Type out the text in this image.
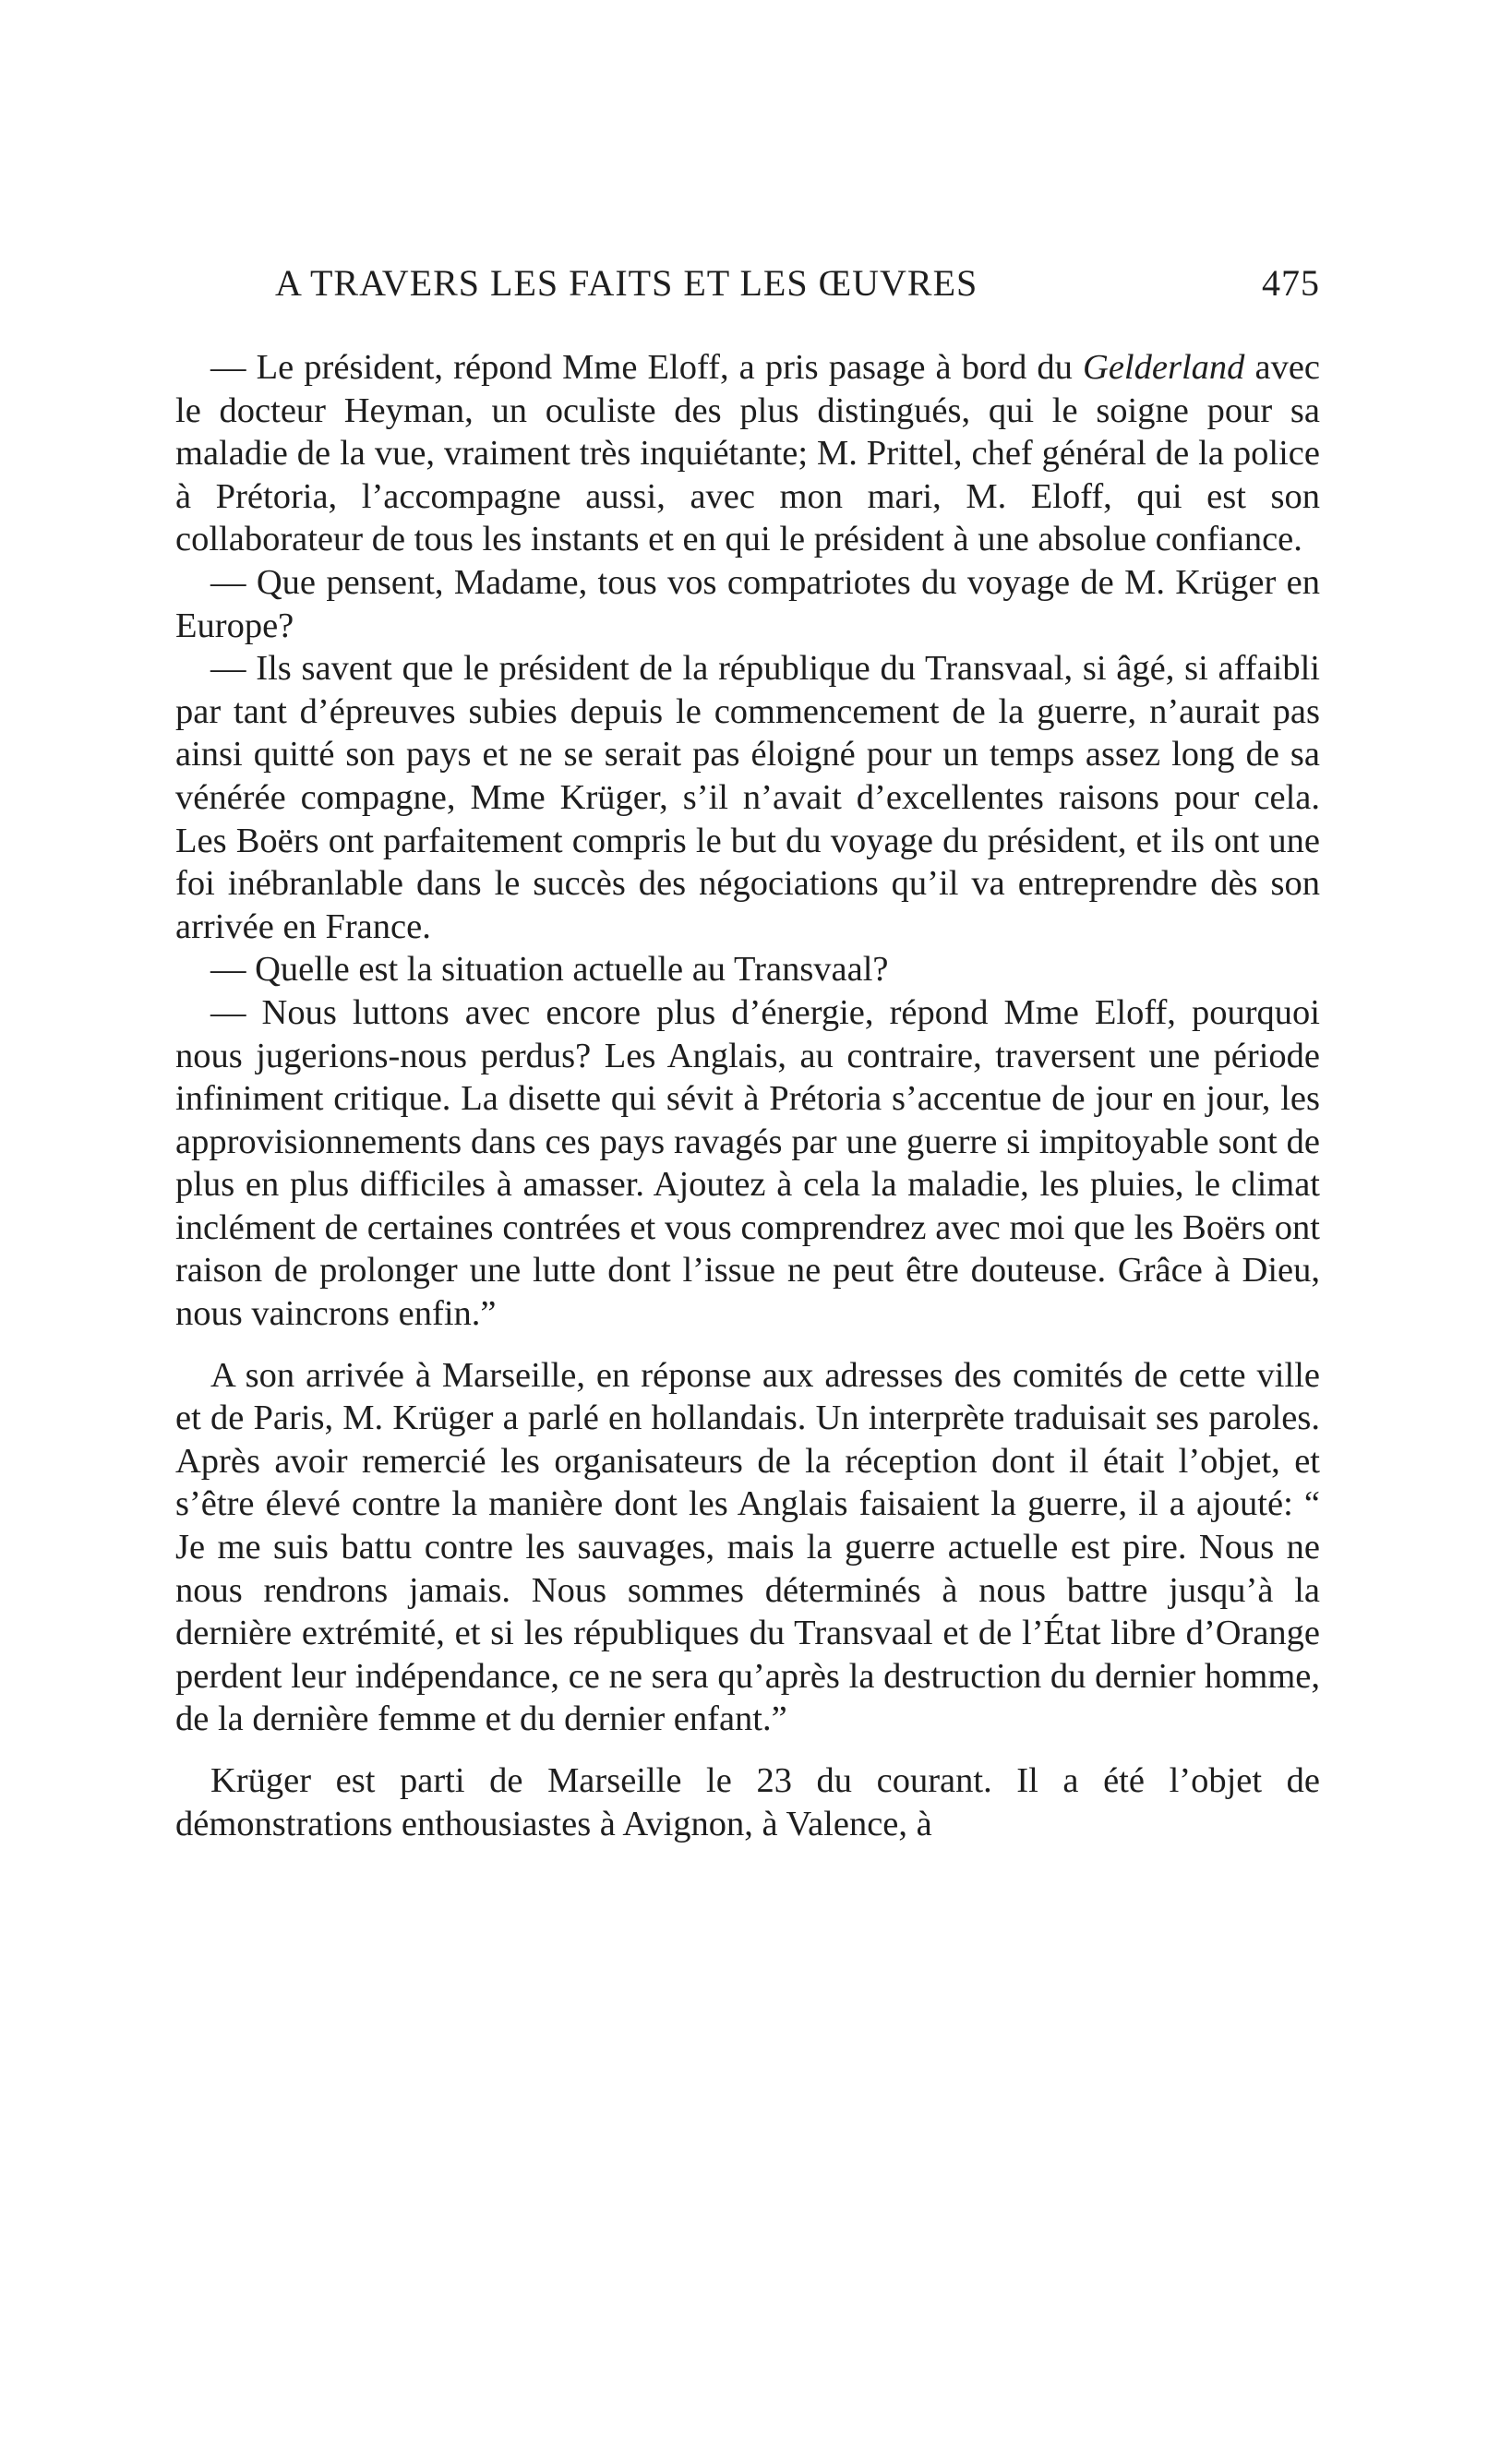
A TRAVERS LES FAITS ET LES ŒUVRES	475

— Le président, répond Mme Eloff, a pris pasage à bord du Gelderland avec le docteur Heyman, un oculiste des plus distingués, qui le soigne pour sa maladie de la vue, vraiment très inquiétante; M. Prittel, chef général de la police à Prétoria, l’accompagne aussi, avec mon mari, M. Eloff, qui est son collaborateur de tous les instants et en qui le président à une absolue confiance.

— Que pensent, Madame, tous vos compatriotes du voyage de M. Krüger en Europe?

— Ils savent que le président de la république du Transvaal, si âgé, si affaibli par tant d’épreuves subies depuis le commencement de la guerre, n’aurait pas ainsi quitté son pays et ne se serait pas éloigné pour un temps assez long de sa vénérée compagne, Mme Krüger, s’il n’avait d’excellentes raisons pour cela. Les Boërs ont parfaitement compris le but du voyage du président, et ils ont une foi inébranlable dans le succès des négociations qu’il va entreprendre dès son arrivée en France.

— Quelle est la situation actuelle au Transvaal?

— Nous luttons avec encore plus d’énergie, répond Mme Eloff, pourquoi nous jugerions-nous perdus? Les Anglais, au contraire, traversent une période infiniment critique. La disette qui sévit à Prétoria s’accentue de jour en jour, les approvisionnements dans ces pays ravagés par une guerre si impitoyable sont de plus en plus difficiles à amasser. Ajoutez à cela la maladie, les pluies, le climat inclément de certaines contrées et vous comprendrez avec moi que les Boërs ont raison de prolonger une lutte dont l’issue ne peut être douteuse. Grâce à Dieu, nous vaincrons enfin.”

A son arrivée à Marseille, en réponse aux adresses des comités de cette ville et de Paris, M. Krüger a parlé en hollandais. Un interprète traduisait ses paroles. Après avoir remercié les organisateurs de la réception dont il était l’objet, et s’être élevé contre la manière dont les Anglais faisaient la guerre, il a ajouté: “ Je me suis battu contre les sauvages, mais la guerre actuelle est pire. Nous ne nous rendrons jamais. Nous sommes déterminés à nous battre jusqu’à la dernière extrémité, et si les républiques du Transvaal et de l’État libre d’Orange perdent leur indépendance, ce ne sera qu’après la destruction du dernier homme, de la dernière femme et du dernier enfant.”

Krüger est parti de Marseille le 23 du courant. Il a été l’objet de démonstrations enthousiastes à Avignon, à Valence, à
